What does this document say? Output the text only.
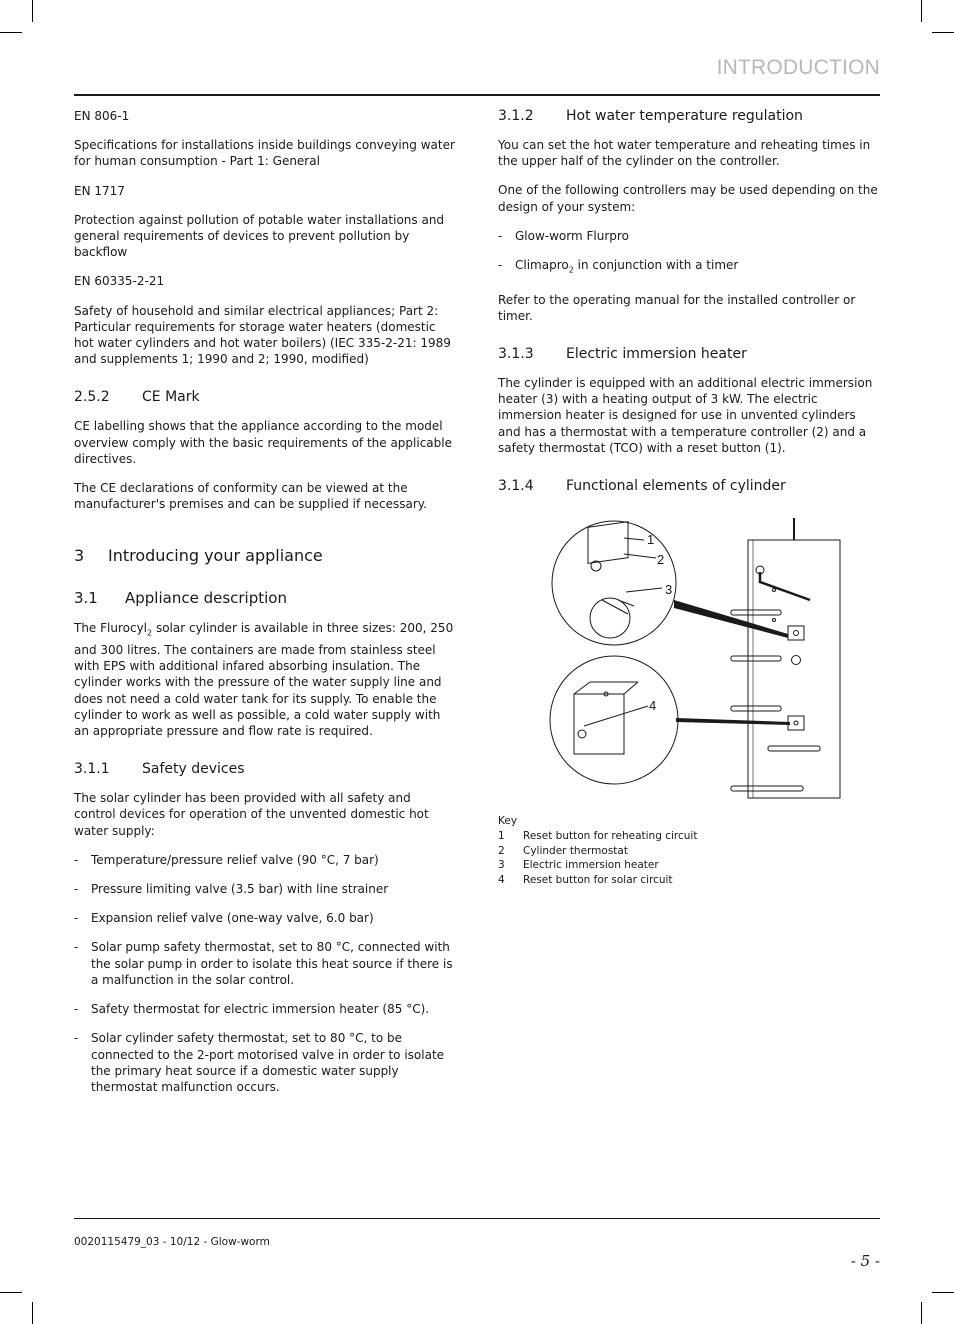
INTRODUCTION

EN 806-1

Specifications for installations inside buildings conveying water for human consumption - Part 1: General

EN 1717

Protection against pollution of potable water installations and general requirements of devices to prevent pollution by backflow

EN 60335-2-21

Safety of household and similar electrical appliances; Part 2: Particular requirements for storage water heaters (domestic hot water cylinders and hot water boilers) (IEC 335-2-21: 1989 and supplements 1; 1990 and 2; 1990, modified)

2.5.2	CE Mark

CE labelling shows that the appliance according to the model overview comply with the basic requirements of the applicable directives.

The CE declarations of conformity can be viewed at the manufacturer's premises and can be supplied if necessary.

3	Introducing your appliance
3.1	Appliance description

The Flurocyl$_2$ solar cylinder is available in three sizes: 200, 250 and 300 litres. The containers are made from stainless steel with EPS with additional infared absorbing insulation. The cylinder works with the pressure of the water supply line and does not need a cold water tank for its supply. To enable the cylinder to work as well as possible, a cold water supply with an appropriate pressure and flow rate is required.

3.1.1	Safety devices

The solar cylinder has been provided with all safety and control devices for operation of the unvented domestic hot water supply:

-	Temperature/pressure relief valve (90 °C, 7 bar)
-	Pressure limiting valve (3.5 bar) with line strainer
-	Expansion relief valve (one-way valve, 6.0 bar)
-	Solar pump safety thermostat, set to 80 °C, connected with the solar pump in order to isolate this heat source if there is a malfunction in the solar control.
-	Safety thermostat for electric immersion heater (85 °C).
-	Solar cylinder safety thermostat, set to 80 °C, to be connected to the 2-port motorised valve in order to isolate the primary heat source if a domestic water supply thermostat malfunction occurs.
3.1.2	Hot water temperature regulation

You can set the hot water temperature and reheating times in the upper half of the cylinder on the controller.

One of the following controllers may be used depending on the design of your system:

-	Glow-worm Flurpro
-	Climapro$_2$ in conjunction with a timer

Refer to the operating manual for the installed controller or timer.

3.1.3	Electric immersion heater

The cylinder is equipped with an additional electric immersion heater (3) with a heating output of 3 kW. The electric immersion heater is designed for use in unvented cylinders and has a thermostat with a temperature controller (2) and a safety thermostat (TCO) with a reset button (1).

3.1.4	Functional elements of cylinder
1
2
3
4
Key
1	Reset button for reheating circuit
2	Cylinder thermostat
3	Electric immersion heater
4	Reset button for solar circuit
0020115479_03 - 10/12 - Glow-worm
- 5 -
